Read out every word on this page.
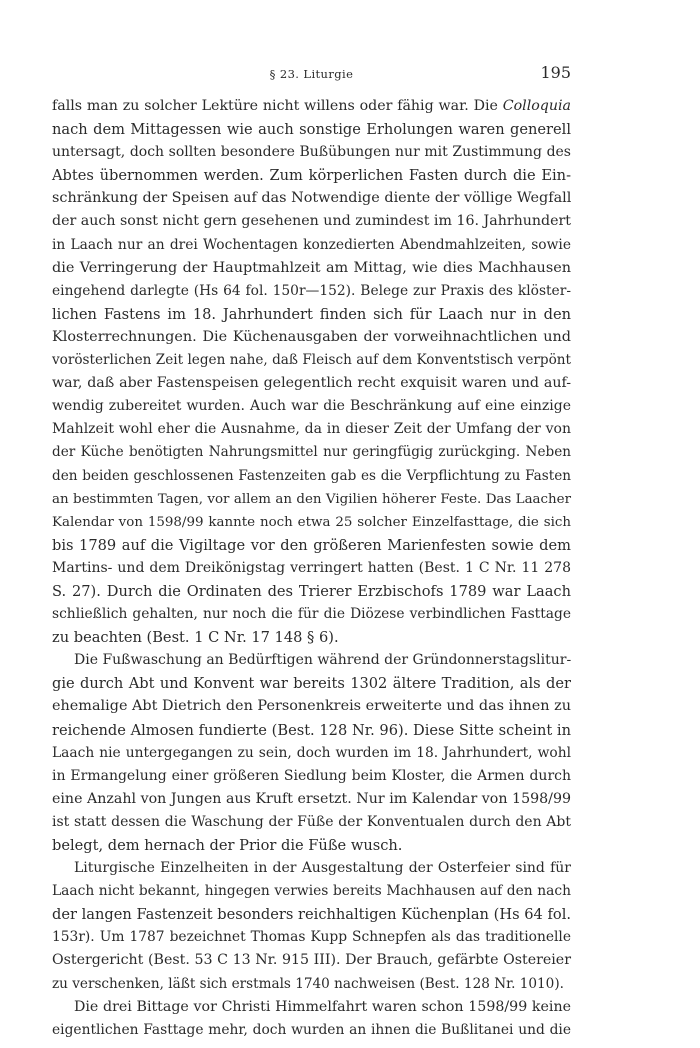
§ 23. Liturgie	195
falls man zu solcher Lektüre nicht willens oder fähig war. Die Colloquia
nach dem Mittagessen wie auch sonstige Erholungen waren generell
untersagt, doch sollten besondere Bußübungen nur mit Zustimmung des
Abtes übernommen werden. Zum körperlichen Fasten durch die Ein-
schränkung der Speisen auf das Notwendige diente der völlige Wegfall
der auch sonst nicht gern gesehenen und zumindest im 16. Jahrhundert
in Laach nur an drei Wochentagen konzedierten Abendmahlzeiten, sowie
die Verringerung der Hauptmahlzeit am Mittag, wie dies Machhausen
eingehend darlegte (Hs 64 fol. 150r—152). Belege zur Praxis des klöster-
lichen Fastens im 18. Jahrhundert finden sich für Laach nur in den
Klosterrechnungen. Die Küchenausgaben der vorweihnachtlichen und
vorösterlichen Zeit legen nahe, daß Fleisch auf dem Konventstisch verpönt
war, daß aber Fastenspeisen gelegentlich recht exquisit waren und auf-
wendig zubereitet wurden. Auch war die Beschränkung auf eine einzige
Mahlzeit wohl eher die Ausnahme, da in dieser Zeit der Umfang der von
der Küche benötigten Nahrungsmittel nur geringfügig zurückging. Neben
den beiden geschlossenen Fastenzeiten gab es die Verpflichtung zu Fasten
an bestimmten Tagen, vor allem an den Vigilien höherer Feste. Das Laacher
Kalendar von 1598/99 kannte noch etwa 25 solcher Einzelfasttage, die sich
bis 1789 auf die Vigiltage vor den größeren Marienfesten sowie dem
Martins- und dem Dreikönigstag verringert hatten (Best. 1 C Nr. 11 278
S. 27). Durch die Ordinaten des Trierer Erzbischofs 1789 war Laach
schließlich gehalten, nur noch die für die Diözese verbindlichen Fasttage
zu beachten (Best. 1 C Nr. 17 148 § 6).
Die Fußwaschung an Bedürftigen während der Gründonnerstagslitur-
gie durch Abt und Konvent war bereits 1302 ältere Tradition, als der
ehemalige Abt Dietrich den Personenkreis erweiterte und das ihnen zu
reichende Almosen fundierte (Best. 128 Nr. 96). Diese Sitte scheint in
Laach nie untergegangen zu sein, doch wurden im 18. Jahrhundert, wohl
in Ermangelung einer größeren Siedlung beim Kloster, die Armen durch
eine Anzahl von Jungen aus Kruft ersetzt. Nur im Kalendar von 1598/99
ist statt dessen die Waschung der Füße der Konventualen durch den Abt
belegt, dem hernach der Prior die Füße wusch.
Liturgische Einzelheiten in der Ausgestaltung der Osterfeier sind für
Laach nicht bekannt, hingegen verwies bereits Machhausen auf den nach
der langen Fastenzeit besonders reichhaltigen Küchenplan (Hs 64 fol.
153r). Um 1787 bezeichnet Thomas Kupp Schnepfen als das traditionelle
Ostergericht (Best. 53 C 13 Nr. 915 III). Der Brauch, gefärbte Ostereier
zu verschenken, läßt sich erstmals 1740 nachweisen (Best. 128 Nr. 1010).
Die drei Bittage vor Christi Himmelfahrt waren schon 1598/99 keine
eigentlichen Fasttage mehr, doch wurden an ihnen die Bußlitanei und die
